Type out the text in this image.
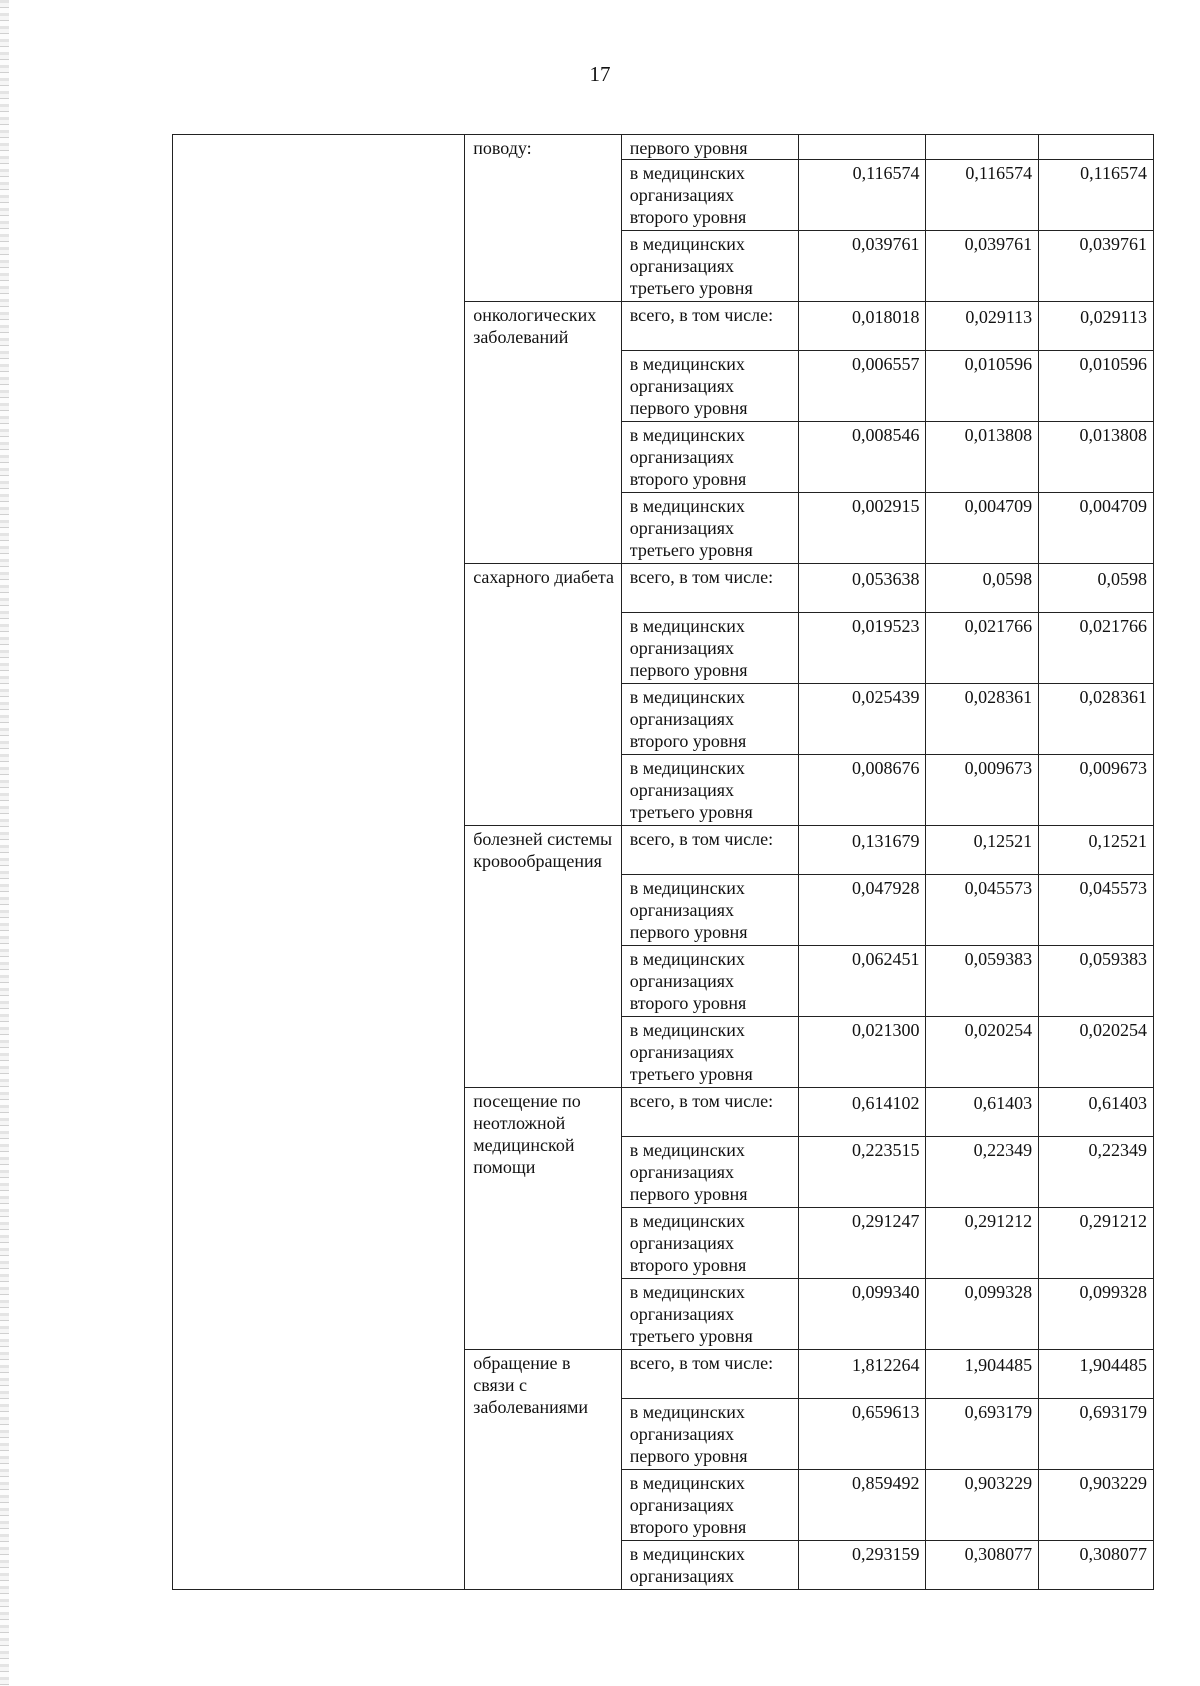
17
	поводу:	первого уровня			
		в медицинских организациях второго уровня	0,116574	0,116574	0,116574
		в медицинских организациях третьего уровня	0,039761	0,039761	0,039761
	онкологических заболеваний	всего, в том числе:	0,018018	0,029113	0,029113
		в медицинских организациях первого уровня	0,006557	0,010596	0,010596
		в медицинских организациях второго уровня	0,008546	0,013808	0,013808
		в медицинских организациях третьего уровня	0,002915	0,004709	0,004709
	сахарного диабета	всего, в том числе:	0,053638	0,0598	0,0598
		в медицинских организациях первого уровня	0,019523	0,021766	0,021766
		в медицинских организациях второго уровня	0,025439	0,028361	0,028361
		в медицинских организациях третьего уровня	0,008676	0,009673	0,009673
	болезней системы кровообращения	всего, в том числе:	0,131679	0,12521	0,12521
		в медицинских организациях первого уровня	0,047928	0,045573	0,045573
		в медицинских организациях второго уровня	0,062451	0,059383	0,059383
		в медицинских организациях третьего уровня	0,021300	0,020254	0,020254
	посещение по неотложной медицинской помощи	всего, в том числе:	0,614102	0,61403	0,61403
		в медицинских организациях первого уровня	0,223515	0,22349	0,22349
		в медицинских организациях второго уровня	0,291247	0,291212	0,291212
		в медицинских организациях третьего уровня	0,099340	0,099328	0,099328
	обращение в связи с заболеваниями	всего, в том числе:	1,812264	1,904485	1,904485
		в медицинских организациях первого уровня	0,659613	0,693179	0,693179
		в медицинских организациях второго уровня	0,859492	0,903229	0,903229
		в медицинских организациях	0,293159	0,308077	0,308077
